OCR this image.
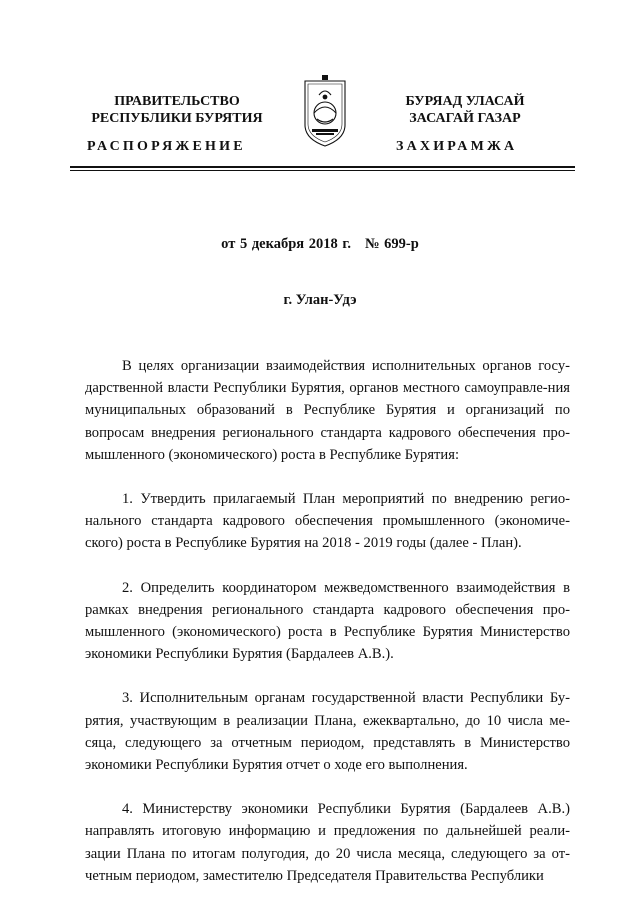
ПРАВИТЕЛЬСТВО
РЕСПУБЛИКИ БУРЯТИЯ
БУРЯАД УЛАСАЙ
ЗАСАГАЙ ГАЗАР
РАСПОРЯЖЕНИЕ	ЗАХИРАМЖА
от 5 декабря 2018 г. № 699-р
г. Улан-Удэ

В целях организации взаимодействия исполнительных органов госу-дарственной власти Республики Бурятия, органов местного самоуправле-ния муниципальных образований в Республике Бурятия и организаций по вопросам внедрения регионального стандарта кадрового обеспечения про-мышленного (экономического) роста в Республике Бурятия:

1. Утвердить прилагаемый План мероприятий по внедрению регио-нального стандарта кадрового обеспечения промышленного (экономиче-ского) роста в Республике Бурятия на 2018 - 2019 годы (далее - План).

2. Определить координатором межведомственного взаимодействия в рамках внедрения регионального стандарта кадрового обеспечения про-мышленного (экономического) роста в Республике Бурятия Министерство экономики Республики Бурятия (Бардалеев А.В.).

3. Исполнительным органам государственной власти Республики Бу-рятия, участвующим в реализации Плана, ежеквартально, до 10 числа ме-сяца, следующего за отчетным периодом, представлять в Министерство экономики Республики Бурятия отчет о ходе его выполнения.

4. Министерству экономики Республики Бурятия (Бардалеев А.В.) направлять итоговую информацию и предложения по дальнейшей реали-зации Плана по итогам полугодия, до 20 числа месяца, следующего за от-четным периодом, заместителю Председателя Правительства Республики
